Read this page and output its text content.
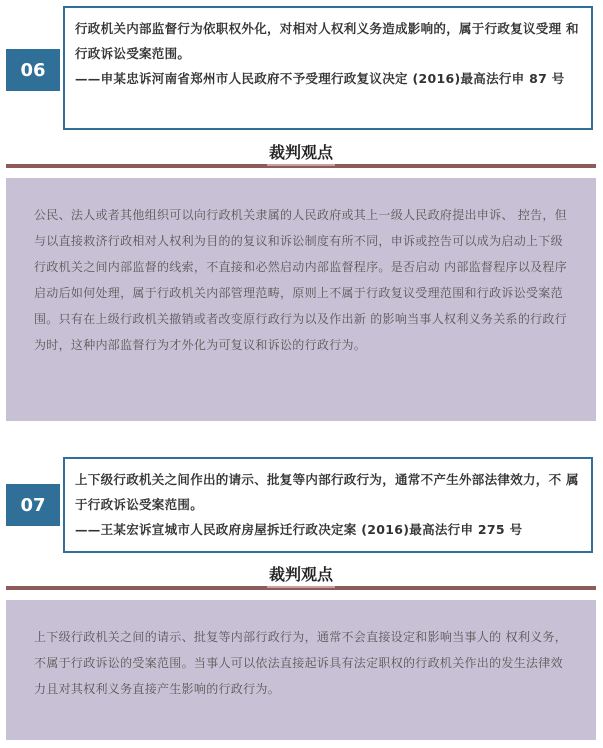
06
行政机关内部监督行为依职权外化，对相对人权利义务造成影响的，属于行政复议受理 和行政诉讼受案范围。
——申某忠诉河南省郑州市人民政府不予受理行政复议决定 (2016)最高法行申 87 号
裁判观点
公民、法人或者其他组织可以向行政机关隶属的人民政府或其上一级人民政府提出申诉、 控告，但与以直接救济行政相对人权利为目的的复议和诉讼制度有所不同，申诉或控告可以成为启动上下级行政机关之间内部监督的线索，不直接和必然启动内部监督程序。是否启动 内部监督程序以及程序启动后如何处理，属于行政机关内部管理范畴，原则上不属于行政复议受理范围和行政诉讼受案范围。只有在上级行政机关撤销或者改变原行政行为以及作出新 的影响当事人权利义务关系的行政行为时，这种内部监督行为才外化为可复议和诉讼的行政行为。
07
上下级行政机关之间作出的请示、批复等内部行政行为，通常不产生外部法律效力，不 属于行政诉讼受案范围。
——王某宏诉宣城市人民政府房屋拆迁行政决定案 (2016)最高法行申 275 号
裁判观点
上下级行政机关之间的请示、批复等内部行政行为，通常不会直接设定和影响当事人的 权利义务，不属于行政诉讼的受案范围。当事人可以依法直接起诉具有法定职权的行政机关作出的发生法律效力且对其权利义务直接产生影响的行政行为。
